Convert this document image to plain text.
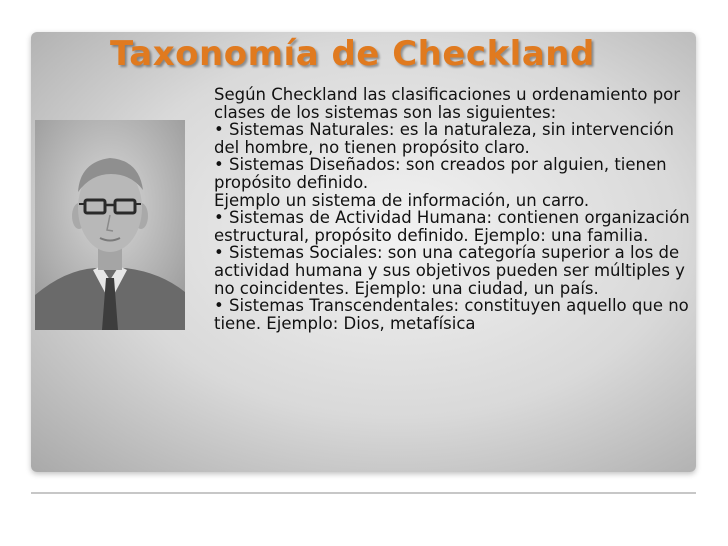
Taxonomía de Checkland
Según Checkland las clasificaciones u ordenamiento por clases de los sistemas son las siguientes:
• Sistemas Naturales: es la naturaleza, sin intervención del hombre, no tienen propósito claro.
• Sistemas Diseñados: son creados por alguien, tienen propósito definido.
Ejemplo un sistema de información, un carro.
• Sistemas de Actividad Humana: contienen organización estructural, propósito definido. Ejemplo: una familia.
• Sistemas Sociales: son una categoría superior a los de actividad humana y sus objetivos pueden ser múltiples y no coincidentes. Ejemplo: una ciudad, un país.
• Sistemas Transcendentales: constituyen aquello que no tiene. Ejemplo: Dios, metafísica
